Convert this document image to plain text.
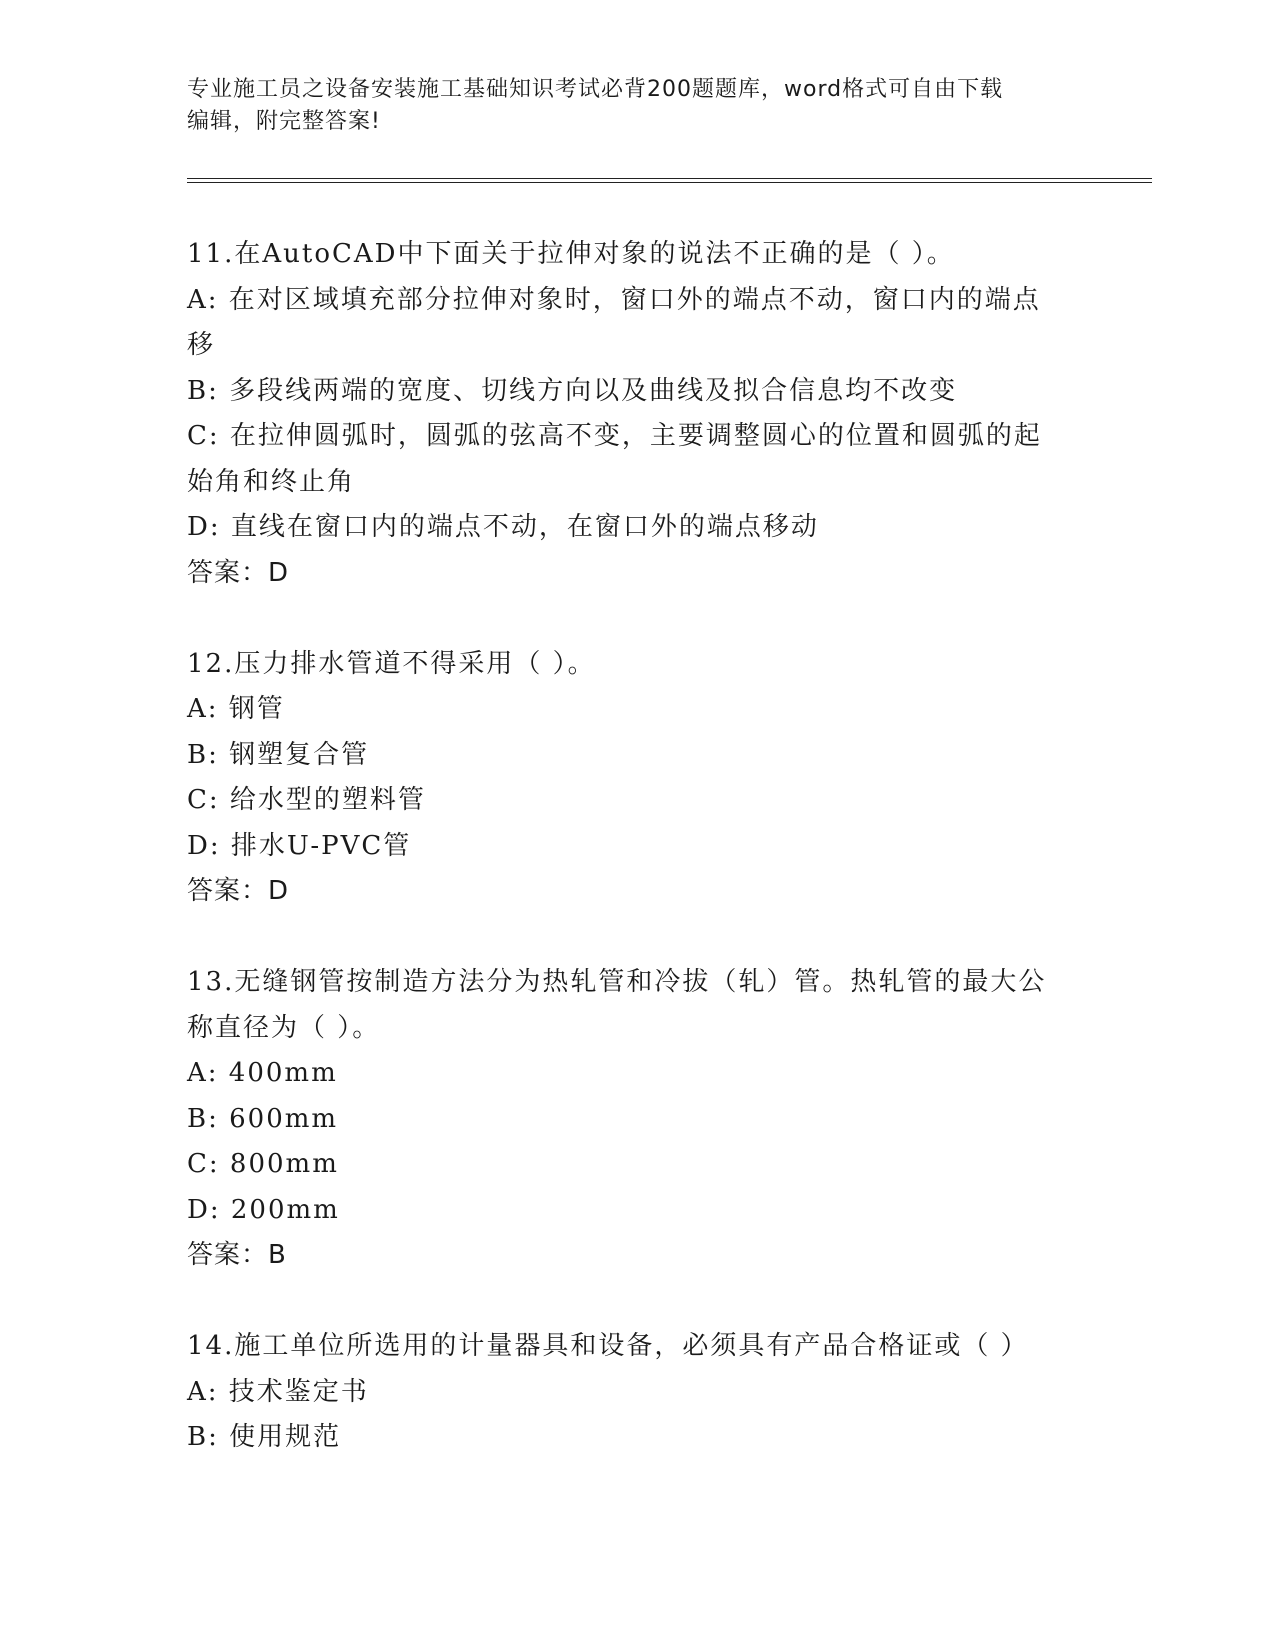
专业施工员之设备安装施工基础知识考试必背200题题库，word格式可自由下载
编辑，附完整答案!
11.在AutoCAD中下面关于拉伸对象的说法不正确的是（ ）。
A: 在对区域填充部分拉伸对象时，窗口外的端点不动，窗口内的端点
移
B: 多段线两端的宽度、切线方向以及曲线及拟合信息均不改变
C: 在拉伸圆弧时，圆弧的弦高不变，主要调整圆心的位置和圆弧的起
始角和终止角
D: 直线在窗口内的端点不动，在窗口外的端点移动
答案：D
12.压力排水管道不得采用（ ）。
A: 钢管
B: 钢塑复合管
C: 给水型的塑料管
D: 排水U-PVC管
答案：D
13.无缝钢管按制造方法分为热轧管和冷拔（轧）管。热轧管的最大公
称直径为（ ）。
A: 400mm
B: 600mm
C: 800mm
D: 200mm
答案：B
14.施工单位所选用的计量器具和设备，必须具有产品合格证或（ ）
A: 技术鉴定书
B: 使用规范
